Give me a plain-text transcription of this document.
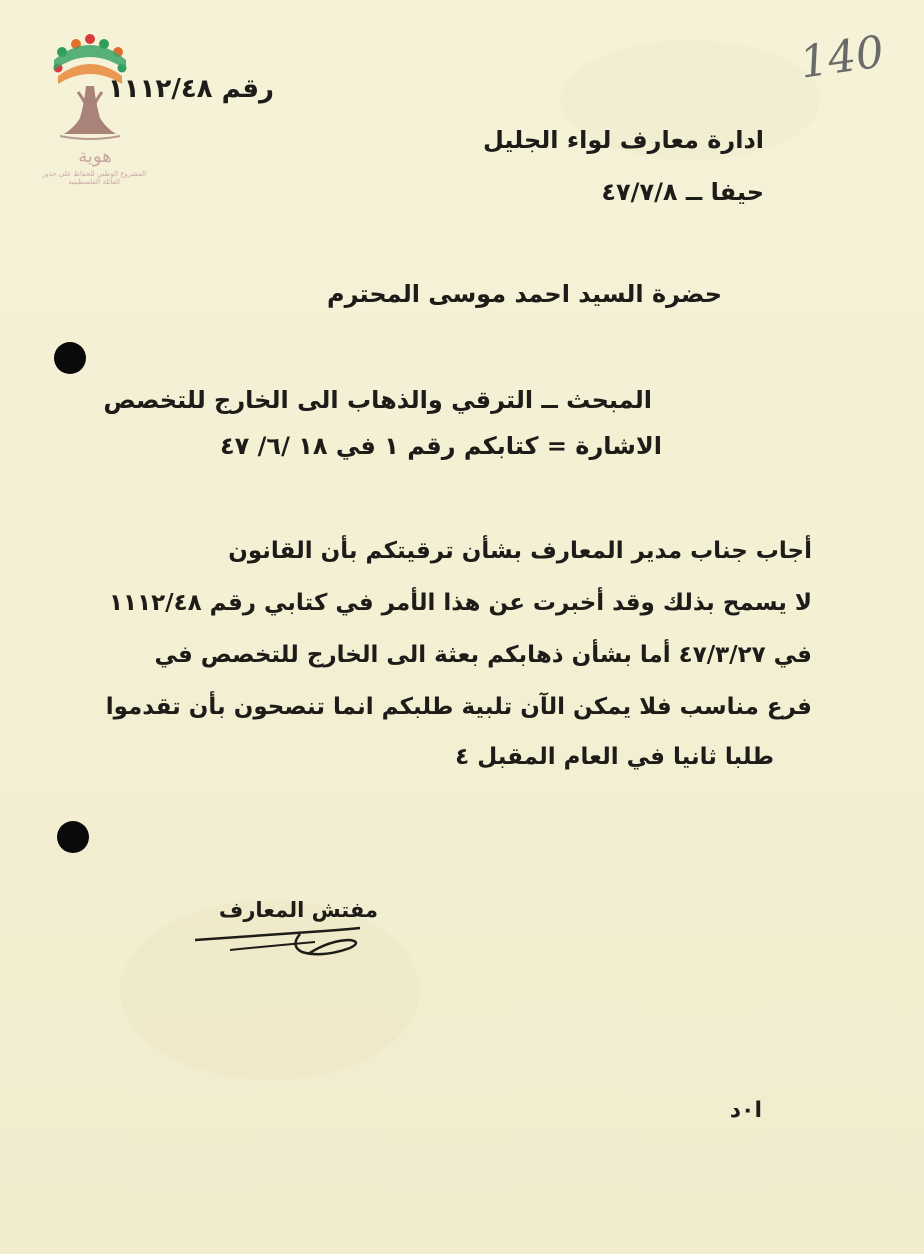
هوية
المشروع الوطني للحفاظ على جذور العائلة الفلسطينية
140
رقم ١١١٢/٤٨
ادارة معارف لواء الجليل
حيفا ــ ٤٧/٧/٨
حضرة السيد احمد موسى المحترم
المبحث ــ الترقي والذهاب الى الخارج للتخصص
الاشارة = كتابكم رقم ١ في ١٨ /٦/ ٤٧
أجاب جناب مدير المعارف بشأن ترقيتكم بأن القانون
لا يسمح بذلك وقد أخبرت عن هذا الأمر في كتابي رقم ١١١٢/٤٨
في ٤٧/٣/٢٧ أما بشأن ذهابكم بعثة الى الخارج للتخصص في
فرع مناسب فلا يمكن الآن تلبية طلبكم انما تنصحون بأن تقدموا
طلبا ثانيا في العام المقبل ٤
مفتش المعارف
ا٠د
